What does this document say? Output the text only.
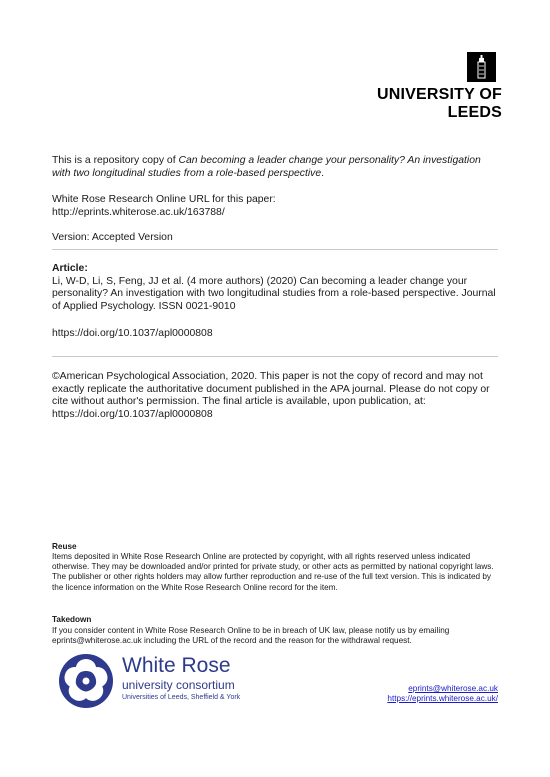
UNIVERSITY OF LEEDS
This is a repository copy of Can becoming a leader change your personality? An investigation with two longitudinal studies from a role-based perspective.
White Rose Research Online URL for this paper:
http://eprints.whiterose.ac.uk/163788/
Version: Accepted Version
Article:
Li, W-D, Li, S, Feng, JJ et al. (4 more authors) (2020) Can becoming a leader change your personality? An investigation with two longitudinal studies from a role-based perspective. Journal of Applied Psychology. ISSN 0021-9010
https://doi.org/10.1037/apl0000808
©American Psychological Association, 2020. This paper is not the copy of record and may not exactly replicate the authoritative document published in the APA journal. Please do not copy or cite without author's permission. The final article is available, upon publication, at: https://doi.org/10.1037/apl0000808
Reuse
Items deposited in White Rose Research Online are protected by copyright, with all rights reserved unless indicated otherwise. They may be downloaded and/or printed for private study, or other acts as permitted by national copyright laws. The publisher or other rights holders may allow further reproduction and re-use of the full text version. This is indicated by the licence information on the White Rose Research Online record for the item.
Takedown
If you consider content in White Rose Research Online to be in breach of UK law, please notify us by emailing eprints@whiterose.ac.uk including the URL of the record and the reason for the withdrawal request.
White Rose
university consortium
Universities of Leeds, Sheffield & York
eprints@whiterose.ac.uk
https://eprints.whiterose.ac.uk/
